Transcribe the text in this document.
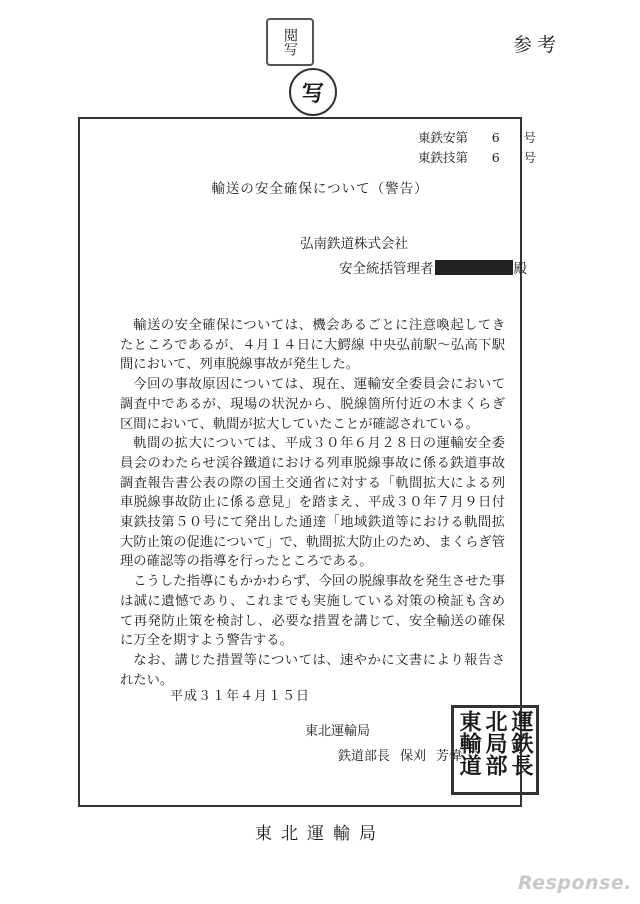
閲写
写
参考
東鉄安第 6 号
東鉄技第 6 号
輸送の安全確保について（警告）
弘南鉄道株式会社
安全統括管理者	殿

輸送の安全確保については、機会あるごとに注意喚起してきたところであるが、４月１４日に大鰐線 中央弘前駅～弘高下駅間において、列車脱線事故が発生した。

今回の事故原因については、現在、運輸安全委員会において調査中であるが、現場の状況から、脱線箇所付近の木まくらぎ区間において、軌間が拡大していたことが確認されている。

軌間の拡大については、平成３０年６月２８日の運輸安全委員会のわたらせ渓谷鐵道における列車脱線事故に係る鉄道事故調査報告書公表の際の国土交通省に対する「軌間拡大による列車脱線事故防止に係る意見」を踏まえ、平成３０年７月９日付東鉄技第５０号にて発出した通達「地域鉄道等における軌間拡大防止策の促進について」で、軌間拡大防止のため、まくらぎ管理の確認等の指導を行ったところである。

こうした指導にもかかわらず、今回の脱線事故を発生させた事は誠に遺憾であり、これまでも実施している対策の検証も含めて再発防止策を検討し、必要な措置を講じて、安全輸送の確保に万全を期すよう警告する。

なお、講じた措置等については、速やかに文書により報告されたい。

平成３１年４月１５日
東北運輸局
鉄道部長 保刈 芳偉	運鉄長
北局部
東輸道
東北運輸局
Response.
